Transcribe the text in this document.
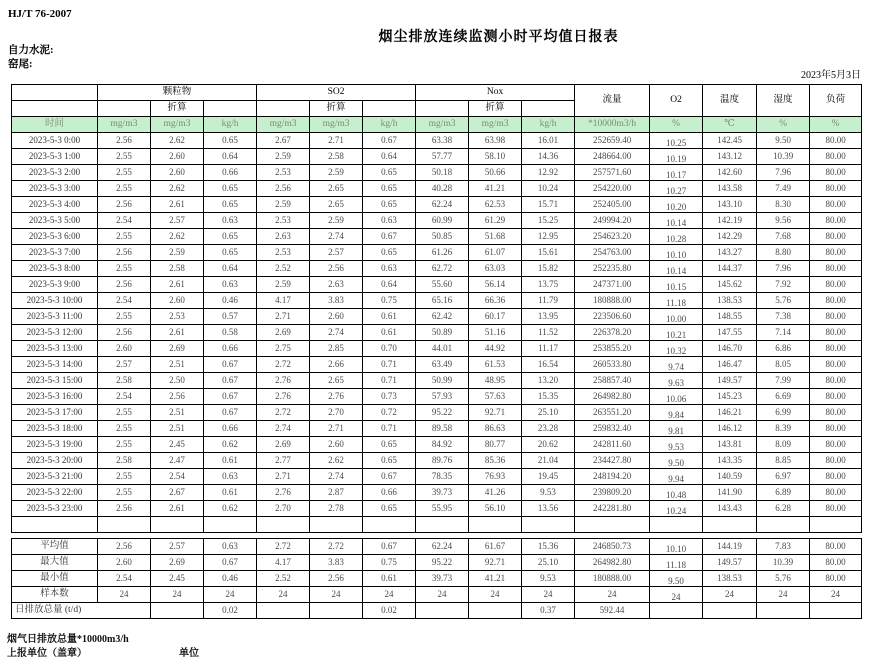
HJ/T 76-2007
烟尘排放连续监测小时平均值日报表
自力水泥:
窑尾:
2023年5月3日
	颗粒物			SO2			Nox			流量	O2	温度	湿度	负荷
		折算			折算			折算						
时间	mg/m3	mg/m3	kg/h	mg/m3	mg/m3	kg/h	mg/m3	mg/m3	kg/h	*10000m3/h	%	℃	%	%
2023-5-3 0:00	2.56	2.62	0.65	2.67	2.71	0.67	63.38	63.98	16.01	252659.40	10.25	142.45	9.50	80.00
2023-5-3 1:00	2.55	2.60	0.64	2.59	2.58	0.64	57.77	58.10	14.36	248664.00	10.19	143.12	10.39	80.00
2023-5-3 2:00	2.55	2.60	0.66	2.53	2.59	0.65	50.18	50.66	12.92	257571.60	10.17	142.60	7.96	80.00
2023-5-3 3:00	2.55	2.62	0.65	2.56	2.65	0.65	40.28	41.21	10.24	254220.00	10.27	143.58	7.49	80.00
2023-5-3 4:00	2.56	2.61	0.65	2.59	2.65	0.65	62.24	62.53	15.71	252405.00	10.20	143.10	8.30	80.00
2023-5-3 5:00	2.54	2.57	0.63	2.53	2.59	0.63	60.99	61.29	15.25	249994.20	10.14	142.19	9.56	80.00
2023-5-3 6:00	2.55	2.62	0.65	2.63	2.74	0.67	50.85	51.68	12.95	254623.20	10.28	142.29	7.68	80.00
2023-5-3 7:00	2.56	2.59	0.65	2.53	2.57	0.65	61.26	61.07	15.61	254763.00	10.10	143.27	8.80	80.00
2023-5-3 8:00	2.55	2.58	0.64	2.52	2.56	0.63	62.72	63.03	15.82	252235.80	10.14	144.37	7.96	80.00
2023-5-3 9:00	2.56	2.61	0.63	2.59	2.63	0.64	55.60	56.14	13.75	247371.00	10.15	145.62	7.92	80.00
2023-5-3 10:00	2.54	2.60	0.46	4.17	3.83	0.75	65.16	66.36	11.79	180888.00	11.18	138.53	5.76	80.00
2023-5-3 11:00	2.55	2.53	0.57	2.71	2.60	0.61	62.42	60.17	13.95	223506.60	10.00	148.55	7.38	80.00
2023-5-3 12:00	2.56	2.61	0.58	2.69	2.74	0.61	50.89	51.16	11.52	226378.20	10.21	147.55	7.14	80.00
2023-5-3 13:00	2.60	2.69	0.66	2.75	2.85	0.70	44.01	44.92	11.17	253855.20	10.32	146.70	6.86	80.00
2023-5-3 14:00	2.57	2.51	0.67	2.72	2.66	0.71	63.49	61.53	16.54	260533.80	9.74	146.47	8.05	80.00
2023-5-3 15:00	2.58	2.50	0.67	2.76	2.65	0.71	50.99	48.95	13.20	258857.40	9.63	149.57	7.99	80.00
2023-5-3 16:00	2.54	2.56	0.67	2.76	2.76	0.73	57.93	57.63	15.35	264982.80	10.06	145.23	6.69	80.00
2023-5-3 17:00	2.55	2.51	0.67	2.72	2.70	0.72	95.22	92.71	25.10	263551.20	9.84	146.21	6.99	80.00
2023-5-3 18:00	2.55	2.51	0.66	2.74	2.71	0.71	89.58	86.63	23.28	259832.40	9.81	146.12	8.39	80.00
2023-5-3 19:00	2.55	2.45	0.62	2.69	2.60	0.65	84.92	80.77	20.62	242811.60	9.53	143.81	8.09	80.00
2023-5-3 20:00	2.58	2.47	0.61	2.77	2.62	0.65	89.76	85.36	21.04	234427.80	9.50	143.35	8.85	80.00
2023-5-3 21:00	2.55	2.54	0.63	2.71	2.74	0.67	78.35	76.93	19.45	248194.20	9.94	140.59	6.97	80.00
2023-5-3 22:00	2.55	2.67	0.61	2.76	2.87	0.66	39.73	41.26	9.53	239809.20	10.48	141.90	6.89	80.00
2023-5-3 23:00	2.56	2.61	0.62	2.70	2.78	0.65	55.95	56.10	13.56	242281.80	10.24	143.43	6.28	80.00

平均值	2.56	2.57	0.63	2.72	2.72	0.67	62.24	61.67	15.36	246850.73	10.10	144.19	7.83	80.00
最大值	2.60	2.69	0.67	4.17	3.83	0.75	95.22	92.71	25.10	264982.80	11.18	149.57	10.39	80.00
最小值	2.54	2.45	0.46	2.52	2.56	0.61	39.73	41.21	9.53	180888.00	9.50	138.53	5.76	80.00
样本数	24	24	24	24	24	24	24	24	24	24	24	24	24	24
日排放总量 (t/d)			0.02			0.02			0.37	592.44				
烟气日排放总量*10000m3/h
上报单位（盖章）	单位
